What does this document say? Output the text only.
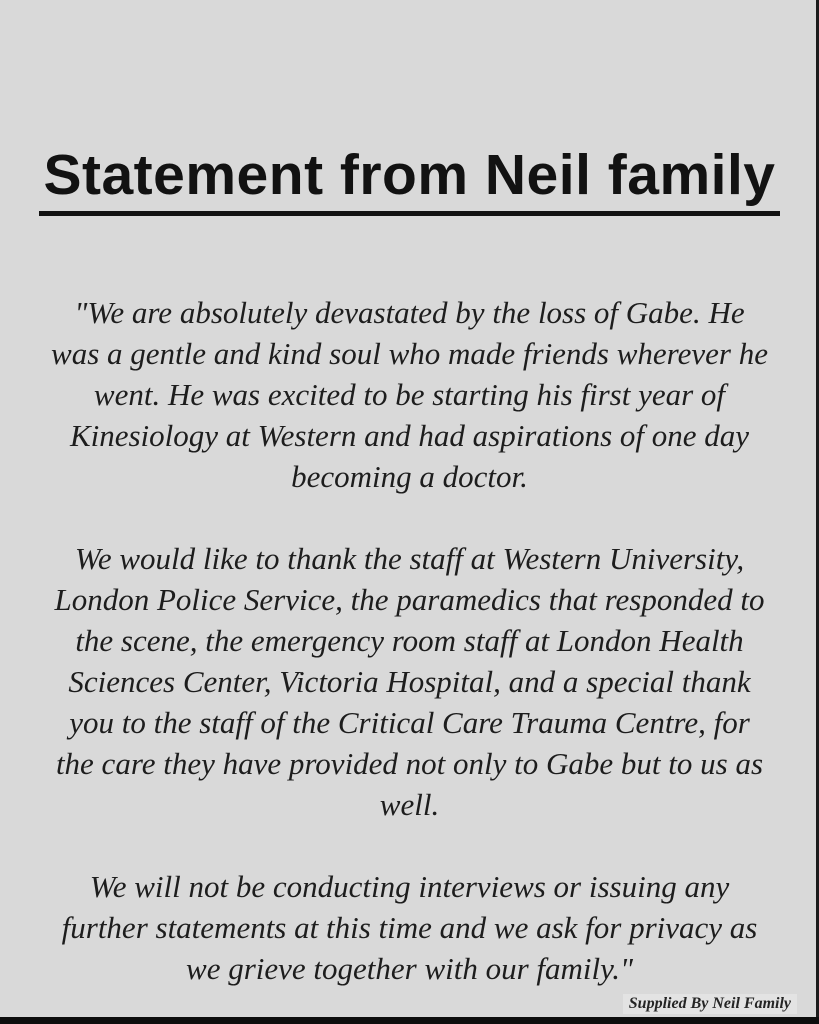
Statement from Neil family

"We are absolutely devastated by the loss of Gabe. He was a gentle and kind soul who made friends wherever he went. He was excited to be starting his first year of Kinesiology at Western and had aspirations of one day becoming a doctor.

We would like to thank the staff at Western University, London Police Service, the paramedics that responded to the scene, the emergency room staff at London Health Sciences Center, Victoria Hospital, and a special thank you to the staff of the Critical Care Trauma Centre, for the care they have provided not only to Gabe but to us as well.

We will not be conducting interviews or issuing any further statements at this time and we ask for privacy as we grieve together with our family."

Supplied By Neil Family
